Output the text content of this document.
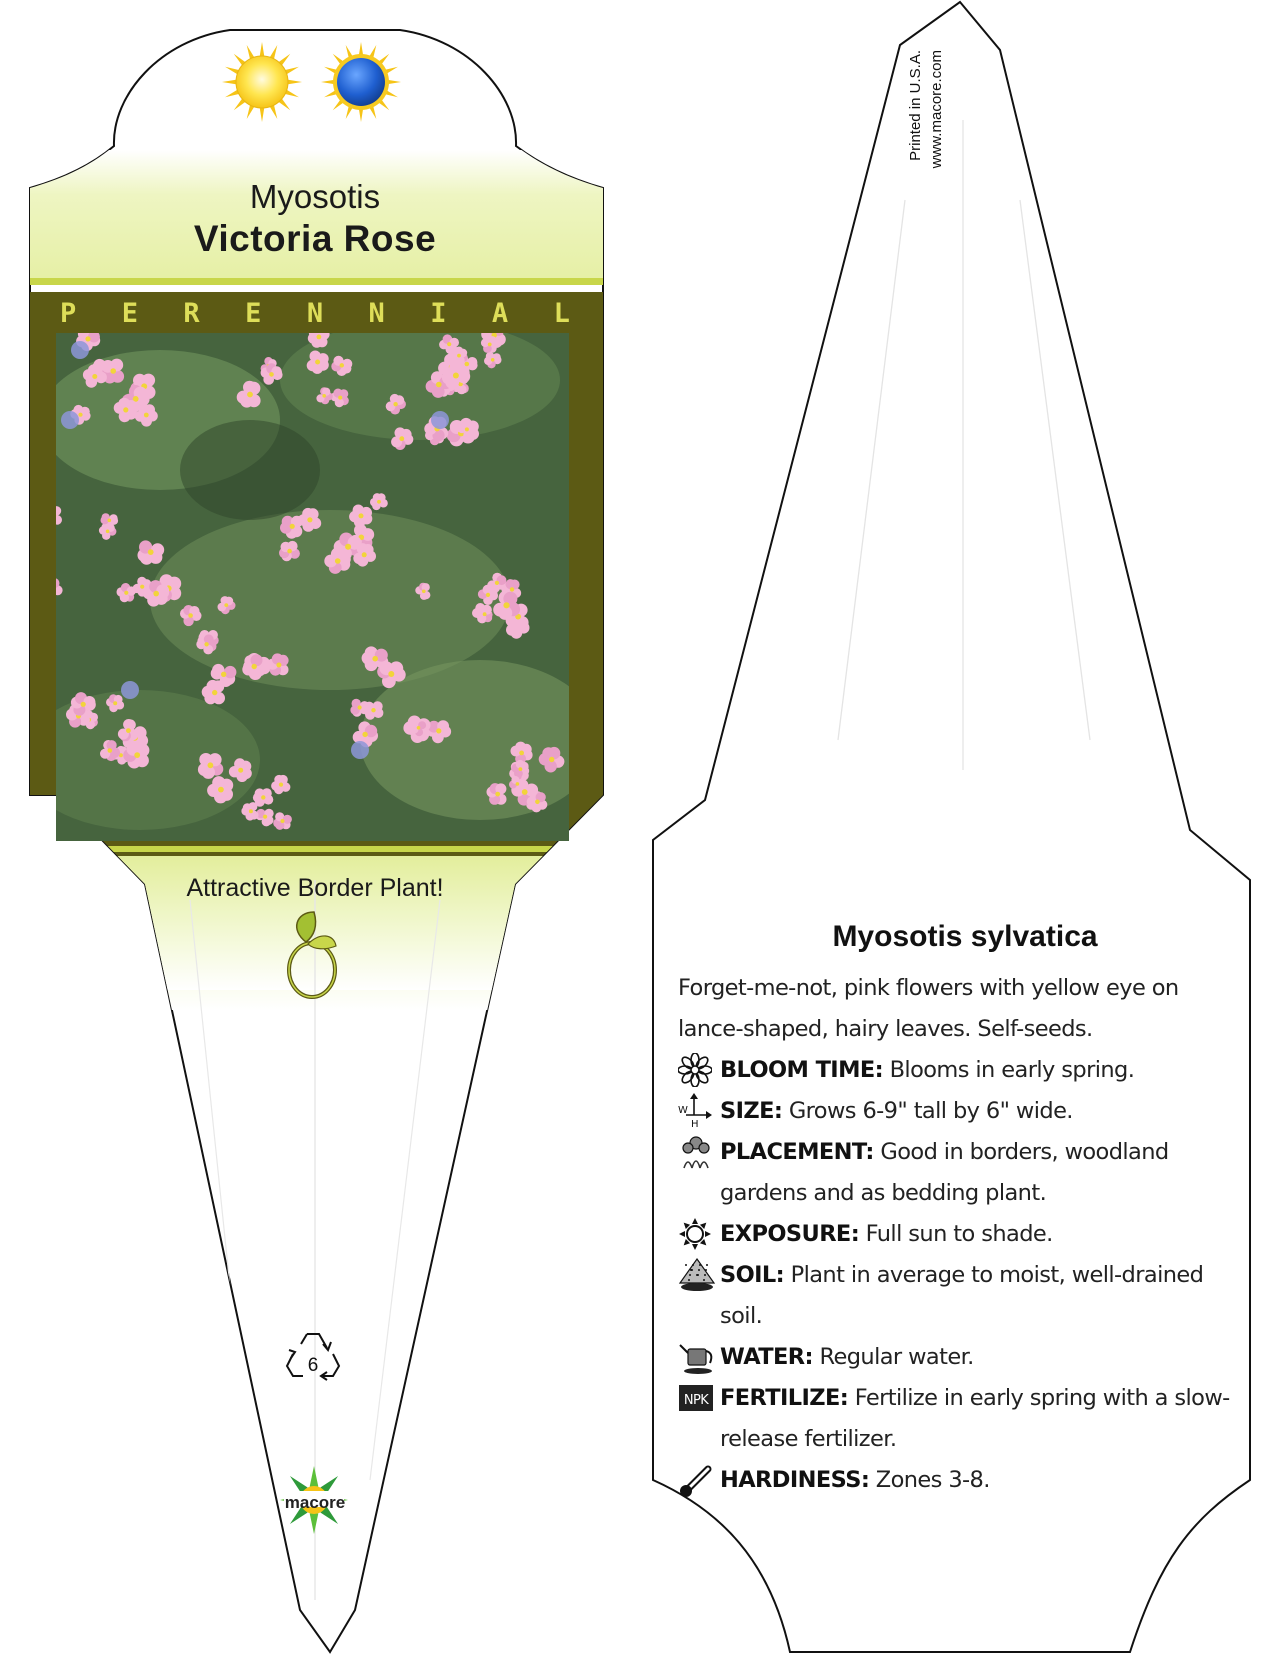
Myosotis
Victoria Rose
P E R E N N I A L
Attractive Border Plant!
6
macore
Printed in U.S.A. www.macore.com
Myosotis sylvatica

Forget-me-not, pink flowers with yellow eye on lance-shaped, hairy leaves. Self-seeds.

BLOOM TIME: Blooms in early spring.
W
H
SIZE: Grows 6-9" tall by 6" wide.
PLACEMENT: Good in borders, woodland gardens and as bedding plant.
EXPOSURE: Full sun to shade.
SOIL: Plant in average to moist, well-drained soil.
WATER: Regular water.
NPK FERTILIZE: Fertilize in early spring with a slow-release fertilizer.
HARDINESS: Zones 3-8.
